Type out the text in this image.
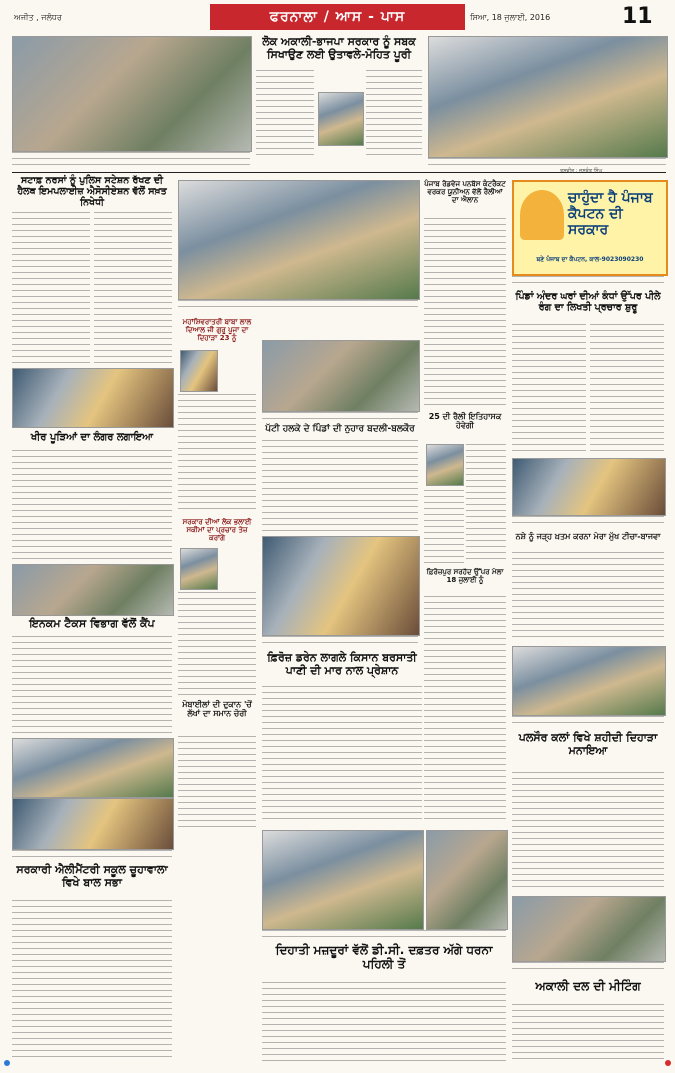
ਅਜੀਤ , ਜਲੰਧਰ	ਫਰਨਾਲਾ / ਆਸ - ਪਾਸ	ਸਿਆ, 18 ਜੁਲਾਈ, 2016	11
ਲੋਕ ਅਕਾਲੀ-ਭਾਜਪਾ ਸਰਕਾਰ ਨੂੰ ਸਬਕ ਸਿਖਾਉਣ ਲਈ ਉਤਾਵਲੇ-ਮੋਹਿਤ ਪੂਰੀ
ਸਟਾਫ਼ ਨਰਸਾਂ ਨੂੰ ਪੁਲਿਸ ਸਟੇਸ਼ਨ ਰੱਖਣ ਦੀ ਹੈਲਥ ਇਮਪਲਾਈਜ਼ ਐਸੋਸੀਏਸ਼ਨ ਵੱਲੋਂ ਸਖ਼ਤ ਨਿਖੇਧੀ
ਖੀਰ ਪੂੜਿਆਂ ਦਾ ਲੰਗਰ ਲਗਾਇਆ
ਇਨਕਮ ਟੈਕਸ ਵਿਭਾਗ ਵੱਲੋਂ ਕੈਂਪ
ਸਰਕਾਰੀ ਐਲੀਮੈਂਟਰੀ ਸਕੂਲ ਚੂਹਾਵਾਲਾ ਵਿਖੇ ਬਾਲ ਸਭਾ
ਮਹਾਂਸ਼ਿਵਰਾਤਰੀ ਬਾਬਾ ਲਾਲ ਦਿਆਲ ਜੀ ਗੁਰੂ ਪੂਜਾ ਦਾ ਦਿਹਾੜਾ 23 ਨੂੰ
ਸਰਕਾਰ ਦੀਆਂ ਲੋਕ ਭਲਾਈ ਸਕੀਮਾਂ ਦਾ ਪ੍ਰਚਾਰ ਤੇਜ਼ ਕਰਾਂਗੇ
ਮੋਬਾਈਲਾਂ ਦੀ ਦੁਕਾਨ 'ਚੋਂ ਲੱਖਾਂ ਦਾ ਸਮਾਨ ਚੋਰੀ
ਪੱਟੀ ਹਲਕੇ ਦੇ ਪਿੰਡਾਂ ਦੀ ਨੁਹਾਰ ਬਦਲੀ-ਬਲਕੌਰ
ਫ਼ਿਰੋਜ਼ ਡਰੇਨ ਲਾਗਲੇ ਕਿਸਾਨ ਬਰਸਾਤੀ ਪਾਣੀ ਦੀ ਮਾਰ ਨਾਲ ਪ੍ਰੇਸ਼ਾਨ
ਦਿਹਾਤੀ ਮਜ਼ਦੂਰਾਂ ਵੱਲੋਂ ਡੀ.ਸੀ. ਦਫ਼ਤਰ ਅੱਗੇ ਧਰਨਾ ਪਹਿਲੀ ਤੋਂ
ਪੰਜਾਬ ਰੋਡਵੇਜ ਪਨਬੱਸ ਕੰਟਰੈਕਟ ਵਰਕਰ ਯੂਨੀਅਨ ਵੱਲੋਂ ਰੈਲੀਆਂ ਦਾ ਐਲਾਨ
25 ਦੀ ਰੈਲੀ ਇਤਿਹਾਸਕ ਹੋਵੇਗੀ
ਫ਼ਿਰੋਜ਼ਪੁਰ ਸਰਹੱਦ ਉੱਪਰ ਮੇਲਾ 18 ਜੁਲਾਈ ਨੂੰ
ਚਾਹੁੰਦਾ ਹੈ ਪੰਜਾਬ ਕੈਪਟਨ ਦੀ ਸਰਕਾਰ
ਬਣੇ ਪੰਜਾਬ ਦਾ ਕੈਪਟਨ, ਕਾਲ-9023090230
ਪਿੰਡਾਂ ਅੰਦਰ ਘਰਾਂ ਦੀਆਂ ਕੰਧਾਂ ਉੱਪਰ ਪੀਲੇ ਰੰਗ ਦਾ ਲਿਖਤੀ ਪ੍ਰਚਾਰ ਸ਼ੁਰੂ
ਨਸ਼ੇ ਨੂੰ ਜੜ੍ਹ ਖ਼ਤਮ ਕਰਨਾ ਮੇਰਾ ਮੁੱਖ ਟੀਚਾ-ਬਾਜਵਾ
ਪਲਸੌਰ ਕਲਾਂ ਵਿਖੇ ਸ਼ਹੀਦੀ ਦਿਹਾੜਾ ਮਨਾਇਆ
ਅਕਾਲੀ ਦਲ ਦੀ ਮੀਟਿੰਗ
ਤਸਵੀਰ : ਜਸਵੰਤ ਸਿੰਘ
